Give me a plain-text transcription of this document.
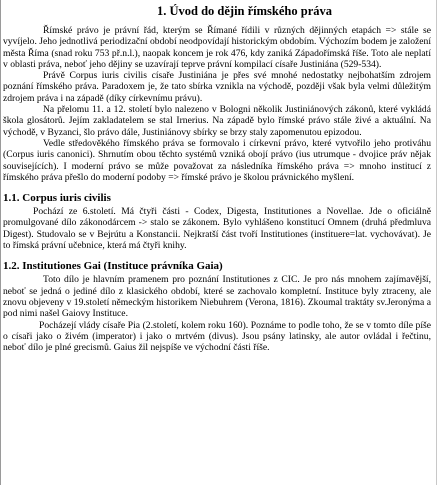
1. Úvod do dějin římského práva

Římské právo je právní řád, kterým se Římané řídili v různých dějinných etapách => stále se vyvíjelo. Jeho jednotlivá periodizační období neodpovídají historickým obdobím. Výchozím bodem je založení města Říma (snad roku 753 př.n.l.), naopak koncem je rok 476, kdy zaniká Západořímská říše. Toto ale neplatí v oblasti práva, neboť jeho dějiny se uzavírají teprve právní kompilací císaře Justiniána (529-534).

Právě Corpus iuris civilis císaře Justiniána je přes své mnohé nedostatky nejbohatším zdrojem poznání římského práva. Paradoxem je, že tato sbírka vznikla na východě, později však byla velmi důležitým zdrojem práva i na západě (díky církevnímu právu).

Na přelomu 11. a 12. století bylo nalezeno v Bologni několik Justiniánových zákonů, které vykládá škola glosátorů. Jejím zakladatelem se stal Irnerius. Na západě bylo římské právo stále živé a aktuální. Na východě, v Byzanci, šlo právo dále, Justiniánovy sbírky se brzy staly zapomenutou epizodou.

Vedle středověkého římského práva se formovalo i církevní právo, které vytvořilo jeho protiváhu (Corpus iuris canonici). Shrnutím obou těchto systémů vzniká obojí právo (ius utrumque - dvojice práv nějak souvisejících). I moderní právo se může považovat za následníka římského práva => mnoho institucí z římského práva přešlo do moderní podoby => římské právo je školou právnického myšlení.

1.1. Corpus iuris civilis

Pochází ze 6.století. Má čtyři části - Codex, Digesta, Institutiones a Novellae. Jde o oficiálně promulgované dílo zákonodárcem -> stalo se zákonem. Bylo vyhlášeno konstitucí Omnem (druhá předmluva Digest). Studovalo se v Bejrútu a Konstancii. Nejkratší část tvoří Institutiones (instituere=lat. vychovávat). Je to římská právní učebnice, která má čtyři knihy.

1.2. Institutiones Gai (Instituce právníka Gaia)

Toto dílo je hlavním pramenem pro poznání Institutiones z CIC. Je pro nás mnohem zajímavější, neboť se jedná o jediné dílo z klasického období, které se zachovalo kompletní. Instituce byly ztraceny, ale znovu objeveny v 19.století německým historikem Niebuhrem (Verona, 1816). Zkoumal traktáty sv.Jeronýma a pod nimi našel Gaiovy Instituce.

Pocházejí vlády císaře Pia (2.století, kolem roku 160). Poznáme to podle toho, že se v tomto díle píše o císaři jako o živém (imperator) i jako o mrtvém (divus). Jsou psány latinsky, ale autor ovládal i řečtinu, neboť dílo je plné grecismů. Gaius žil nejspíše ve východní části říše.
